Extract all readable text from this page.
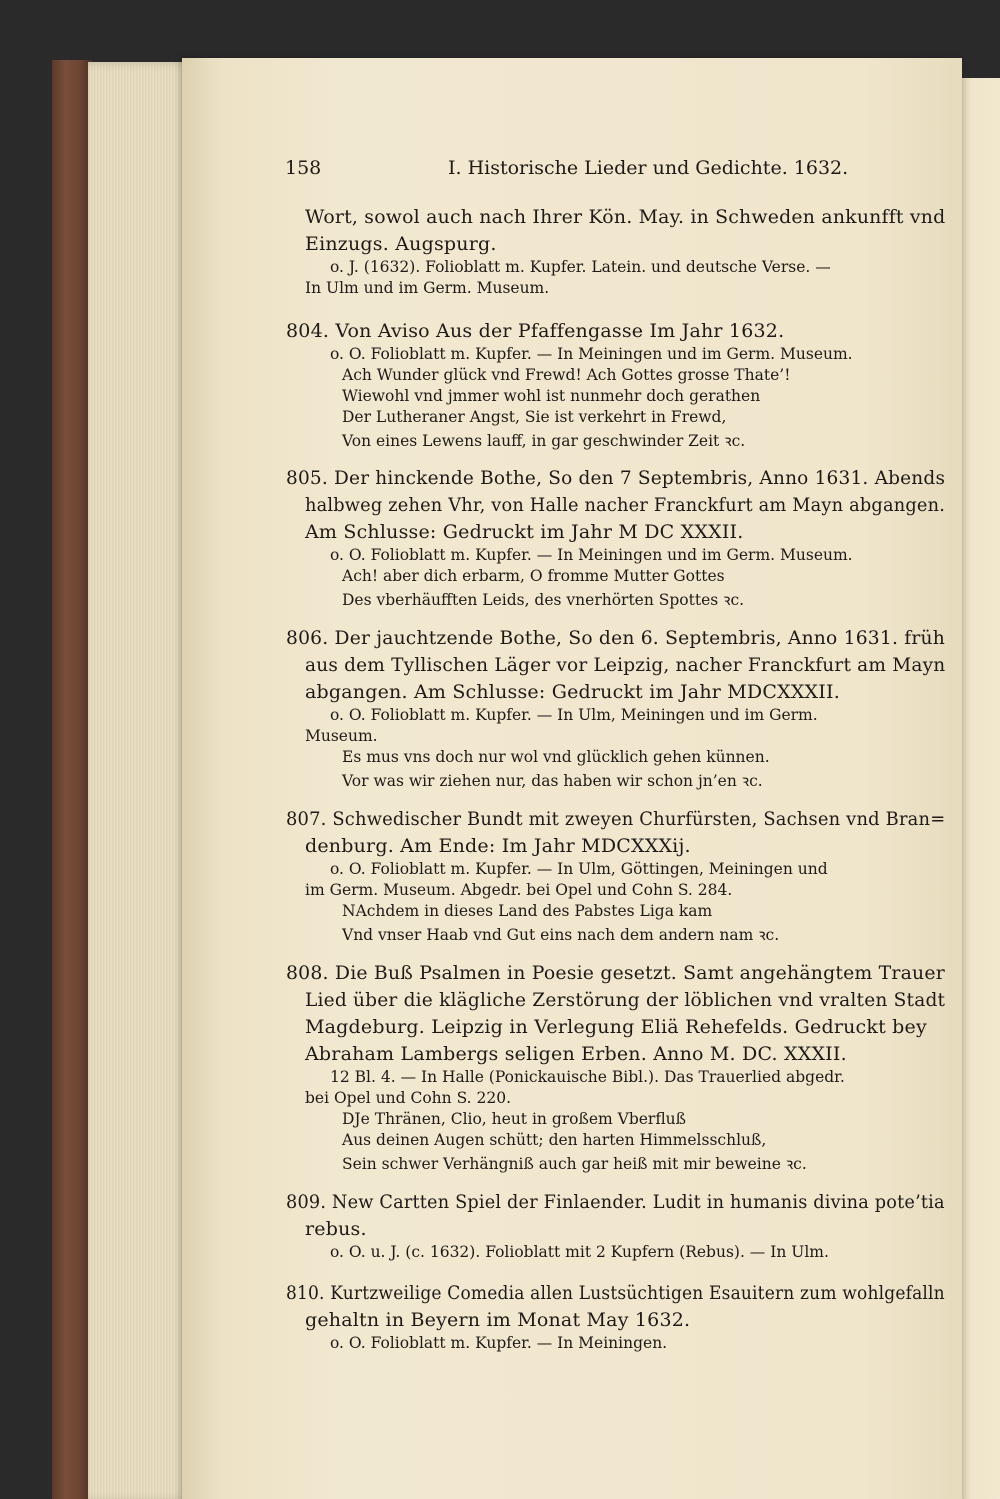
158	I. Historische Lieder und Gedichte. 1632.
Wort, sowol auch nach Ihrer Kön. May. in Schweden ankunfft vnd
Einzugs. Augspurg.
o. J. (1632). Folioblatt m. Kupfer. Latein. und deutsche Verse. —
In Ulm und im Germ. Museum.
804. Von Aviso Aus der Pfaffengasse Im Jahr 1632.
o. O. Folioblatt m. Kupfer. — In Meiningen und im Germ. Museum.
Ach Wunder glück vnd Frewd! Ach Gottes grosse Thate’!
Wiewohl vnd jmmer wohl ist nunmehr doch gerathen
Der Lutheraner Angst, Sie ist verkehrt in Frewd,
Von eines Lewens lauff, in gar geschwinder Zeit ꝛc.
805. Der hinckende Bothe, So den 7 Septembris, Anno 1631. Abends
halbweg zehen Vhr, von Halle nacher Franckfurt am Mayn abgangen.
Am Schlusse: Gedruckt im Jahr M DC XXXII.
o. O. Folioblatt m. Kupfer. — In Meiningen und im Germ. Museum.
Ach! aber dich erbarm, O fromme Mutter Gottes
Des vberhäufften Leids, des vnerhörten Spottes ꝛc.
806. Der jauchtzende Bothe, So den 6. Septembris, Anno 1631. früh
aus dem Tyllischen Läger vor Leipzig, nacher Franckfurt am Mayn
abgangen. Am Schlusse: Gedruckt im Jahr MDCXXXII.
o. O. Folioblatt m. Kupfer. — In Ulm, Meiningen und im Germ.
Museum.
Es mus vns doch nur wol vnd glücklich gehen künnen.
Vor was wir ziehen nur, das haben wir schon jn’en ꝛc.
807. Schwedischer Bundt mit zweyen Churfürsten, Sachsen vnd Bran=
denburg. Am Ende: Im Jahr MDCXXXij.
o. O. Folioblatt m. Kupfer. — In Ulm, Göttingen, Meiningen und
im Germ. Museum. Abgedr. bei Opel und Cohn S. 284.
NAchdem in dieses Land des Pabstes Liga kam
Vnd vnser Haab vnd Gut eins nach dem andern nam ꝛc.
808. Die Buß Psalmen in Poesie gesetzt. Samt angehängtem Trauer
Lied über die klägliche Zerstörung der löblichen vnd vralten Stadt
Magdeburg. Leipzig in Verlegung Eliä Rehefelds. Gedruckt bey
Abraham Lambergs seligen Erben. Anno M. DC. XXXII.
12 Bl. 4. — In Halle (Ponickauische Bibl.). Das Trauerlied abgedr.
bei Opel und Cohn S. 220.
DJe Thränen, Clio, heut in großem Vberfluß
Aus deinen Augen schütt; den harten Himmelsschluß,
Sein schwer Verhängniß auch gar heiß mit mir beweine ꝛc.
809. New Cartten Spiel der Finlaender. Ludit in humanis divina pote’tia
rebus.
o. O. u. J. (c. 1632). Folioblatt mit 2 Kupfern (Rebus). — In Ulm.
810. Kurtzweilige Comedia allen Lustsüchtigen Esauitern zum wohlgefalln
gehaltn in Beyern im Monat May 1632.
o. O. Folioblatt m. Kupfer. — In Meiningen.
